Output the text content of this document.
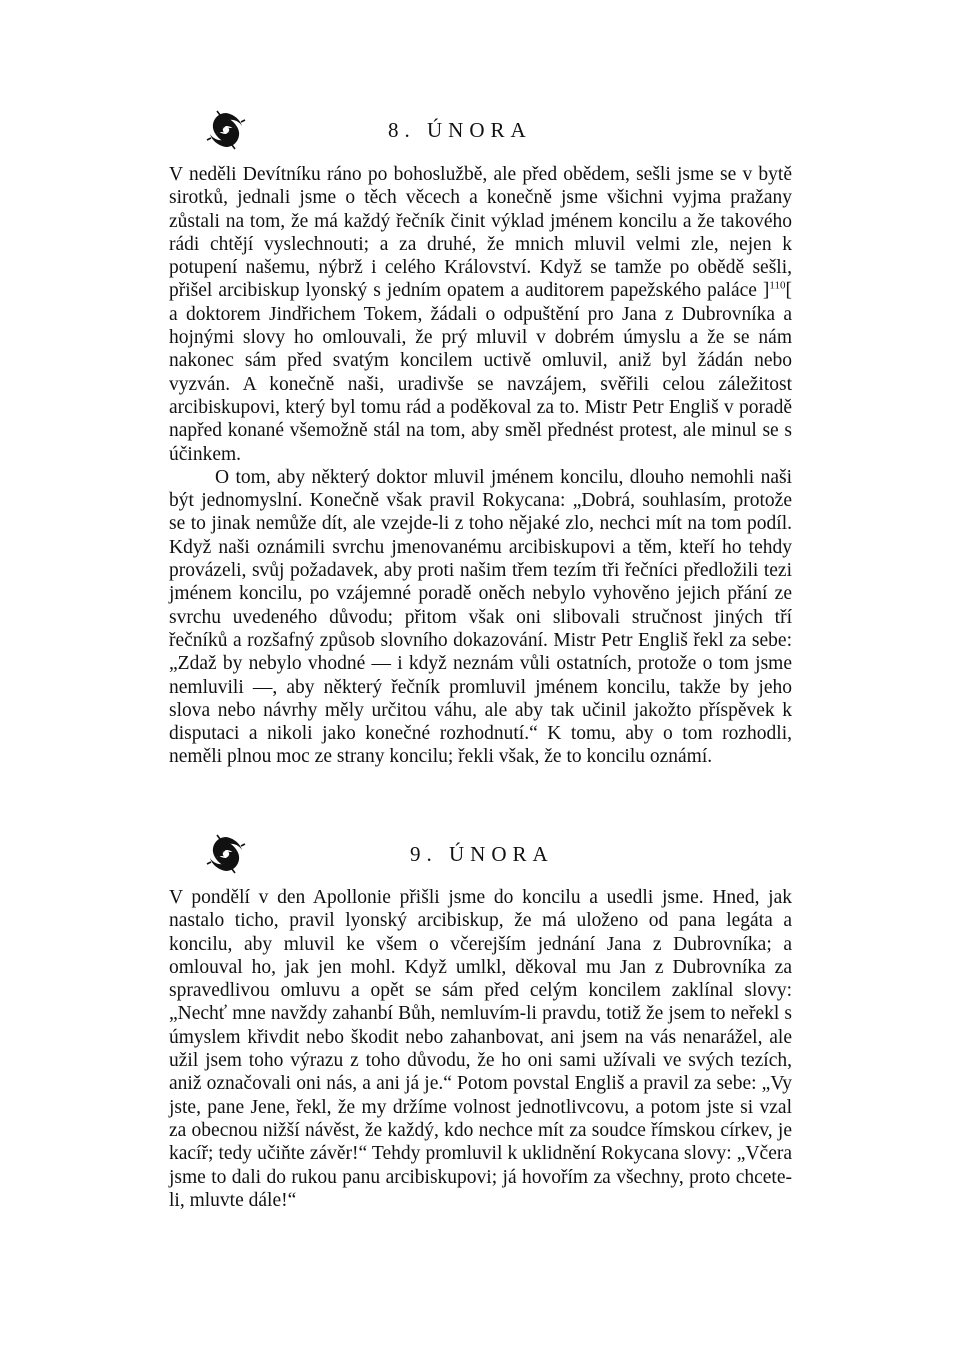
8. ÚNORA

V neděli Devítníku ráno po bohoslužbě, ale před obědem, sešli jsme se v bytě sirotků, jednali jsme o těch věcech a konečně jsme všichni vyjma pražany zůstali na tom, že má každý řečník činit výklad jménem koncilu a že takového rádi chtějí vyslechnouti; a za druhé, že mnich mluvil velmi zle, nejen k potupení našemu, nýbrž i celého Království. Když se tamže po obědě sešli, přišel arcibiskup lyonský s jedním opatem a auditorem papežského paláce ]$^{110}$[ a doktorem Jindřichem Tokem, žádali o odpuštění pro Jana z Dubrovníka a hojnými slovy ho omlouvali, že prý mluvil v dobrém úmyslu a že se nám nakonec sám před svatým koncilem uctivě omluvil, aniž byl žádán nebo vyzván. A konečně naši, uradivše se navzájem, svěřili celou záležitost arcibiskupovi, který byl tomu rád a poděkoval za to. Mistr Petr Engliš v poradě napřed konané všemožně stál na tom, aby směl přednést protest, ale minul se s účinkem.

O tom, aby některý doktor mluvil jménem koncilu, dlouho nemohli naši být jednomyslní. Konečně však pravil Rokycana: „Dobrá, souhlasím, protože se to jinak nemůže dít, ale vzejde-li z toho nějaké zlo, nechci mít na tom podíl. Když naši oznámili svrchu jmenovanému arcibiskupovi a těm, kteří ho tehdy provázeli, svůj požadavek, aby proti našim třem tezím tři řečníci předložili tezi jménem koncilu, po vzájemné poradě oněch nebylo vyhověno jejich přání ze svrchu uvedeného důvodu; přitom však oni slibovali stručnost jiných tří řečníků a rozšafný způsob slovního dokazování. Mistr Petr Engliš řekl za sebe: „Zdaž by nebylo vhodné — i když neznám vůli ostatních, protože o tom jsme nemluvili —, aby některý řečník promluvil jménem koncilu, takže by jeho slova nebo návrhy měly určitou váhu, ale aby tak učinil jakožto příspěvek k disputaci a nikoli jako konečné rozhodnutí.“ K tomu, aby o tom rozhodli, neměli plnou moc ze strany koncilu; řekli však, že to koncilu oznámí.

9. ÚNORA

V pondělí v den Apollonie přišli jsme do koncilu a usedli jsme. Hned, jak nastalo ticho, pravil lyonský arcibiskup, že má uloženo od pana legáta a koncilu, aby mluvil ke všem o včerejším jednání Jana z Dubrovníka; a omlouval ho, jak jen mohl. Když umlkl, děkoval mu Jan z Dubrovníka za spravedlivou omluvu a opět se sám před celým koncilem zaklínal slovy: „Nechť mne navždy zahanbí Bůh, nemluvím-li pravdu, totiž že jsem to neřekl s úmyslem křivdit nebo škodit nebo zahanbovat, ani jsem na vás nenarážel, ale užil jsem toho výrazu z toho důvodu, že ho oni sami užívali ve svých tezích, aniž označovali oni nás, a ani já je.“ Potom povstal Engliš a pravil za sebe: „Vy jste, pane Jene, řekl, že my držíme volnost jednotlivcovu, a potom jste si vzal za obecnou nižší návěst, že každý, kdo nechce mít za soudce římskou církev, je kacíř; tedy učiňte závěr!“ Tehdy promluvil k uklidnění Rokycana slovy: „Včera jsme to dali do rukou panu arcibiskupovi; já hovořím za všechny, proto chcete-li, mluvte dále!“
